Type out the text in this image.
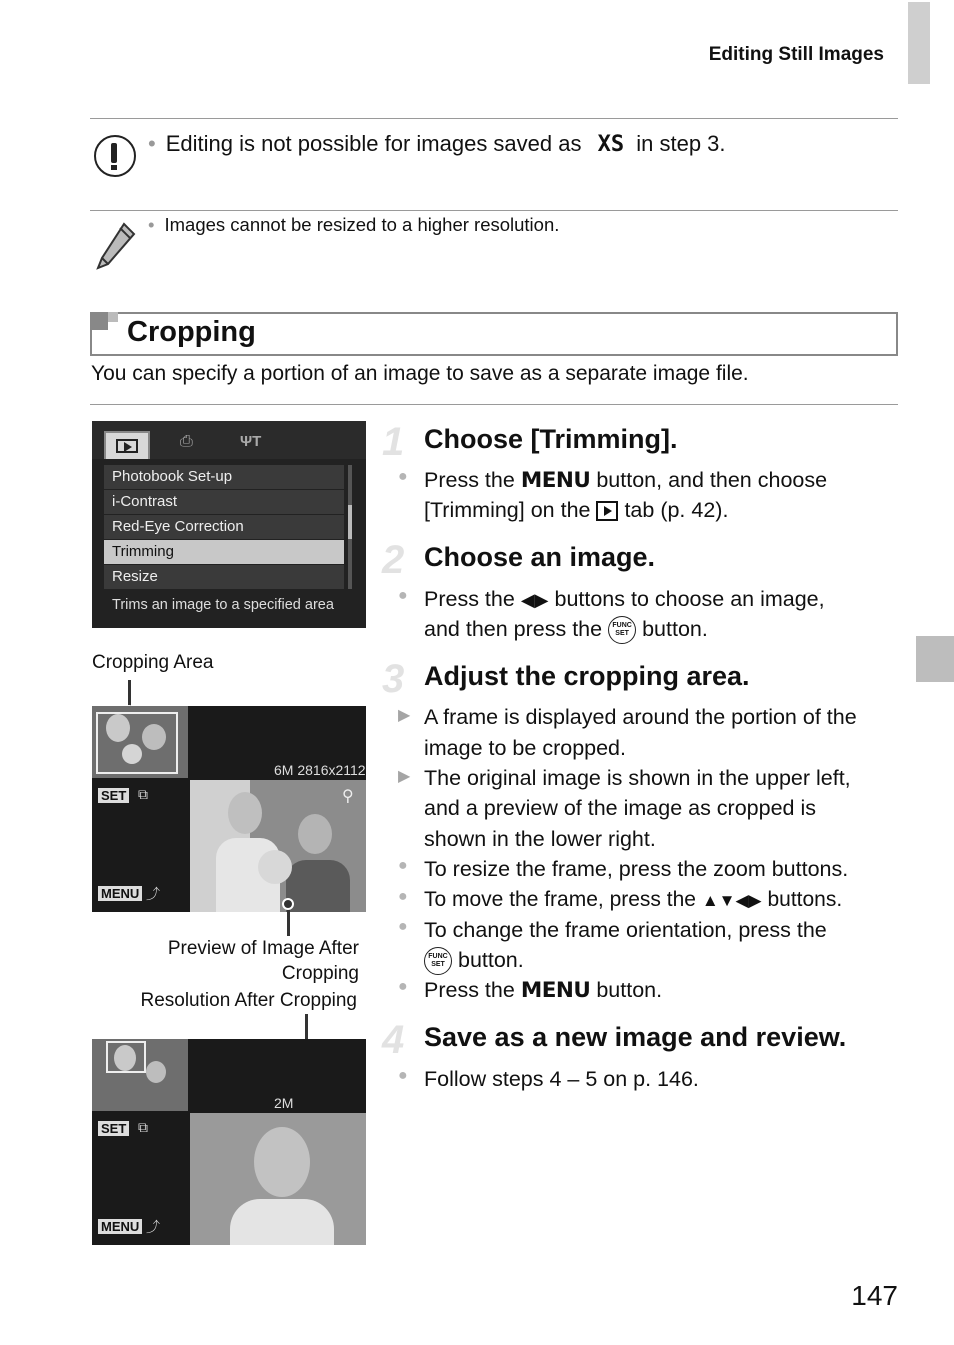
Editing Still Images
• Editing is not possible for images saved as XS in step 3.
• Images cannot be resized to a higher resolution.
Cropping
You can specify a portion of an image to save as a separate image file.
⎙	ΨT
Photobook Set-up
i-Contrast
Red-Eye Correction
Trimming
Resize
Trims an image to a specified area
Cropping Area
6M 2816x2112
SET ⧉
MENU ⤴
⚲
Preview of Image After
Cropping
Resolution After Cropping
2M
SET ⧉
MENU ⤴
1 Choose [Trimming].
● Press the MENU button, and then choose
[Trimming] on the tab (p. 42).
2 Choose an image.
● Press the ◀▶ buttons to choose an image,
and then press the FUNC SET button.
3 Adjust the cropping area.
▶ A frame is displayed around the portion of the
image to be cropped.
▶ The original image is shown in the upper left,
and a preview of the image as cropped is
shown in the lower right.
● To resize the frame, press the zoom buttons.
● To move the frame, press the ▲▼◀▶ buttons.
● To change the frame orientation, press the
FUNC SET button.
● Press the MENU button.
4 Save as a new image and review.
● Follow steps 4 – 5 on p. 146.
147
